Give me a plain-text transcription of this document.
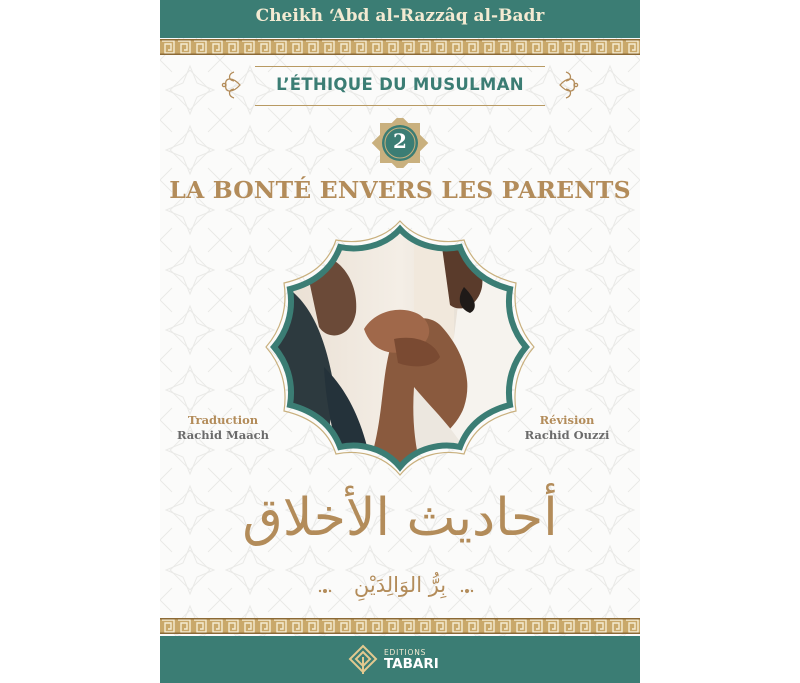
Cheikh ‘Abd al-Razzâq al-Badr
L’ÉTHIQUE DU MUSULMAN
2
LA BONTÉ ENVERS LES PARENTS
Traduction
Rachid Maach
Révision
Rachid Ouzzi
أحاديث الأخلاق
بِرُّ الوَالِدَيْنِ
EDITIONS
TABARI
